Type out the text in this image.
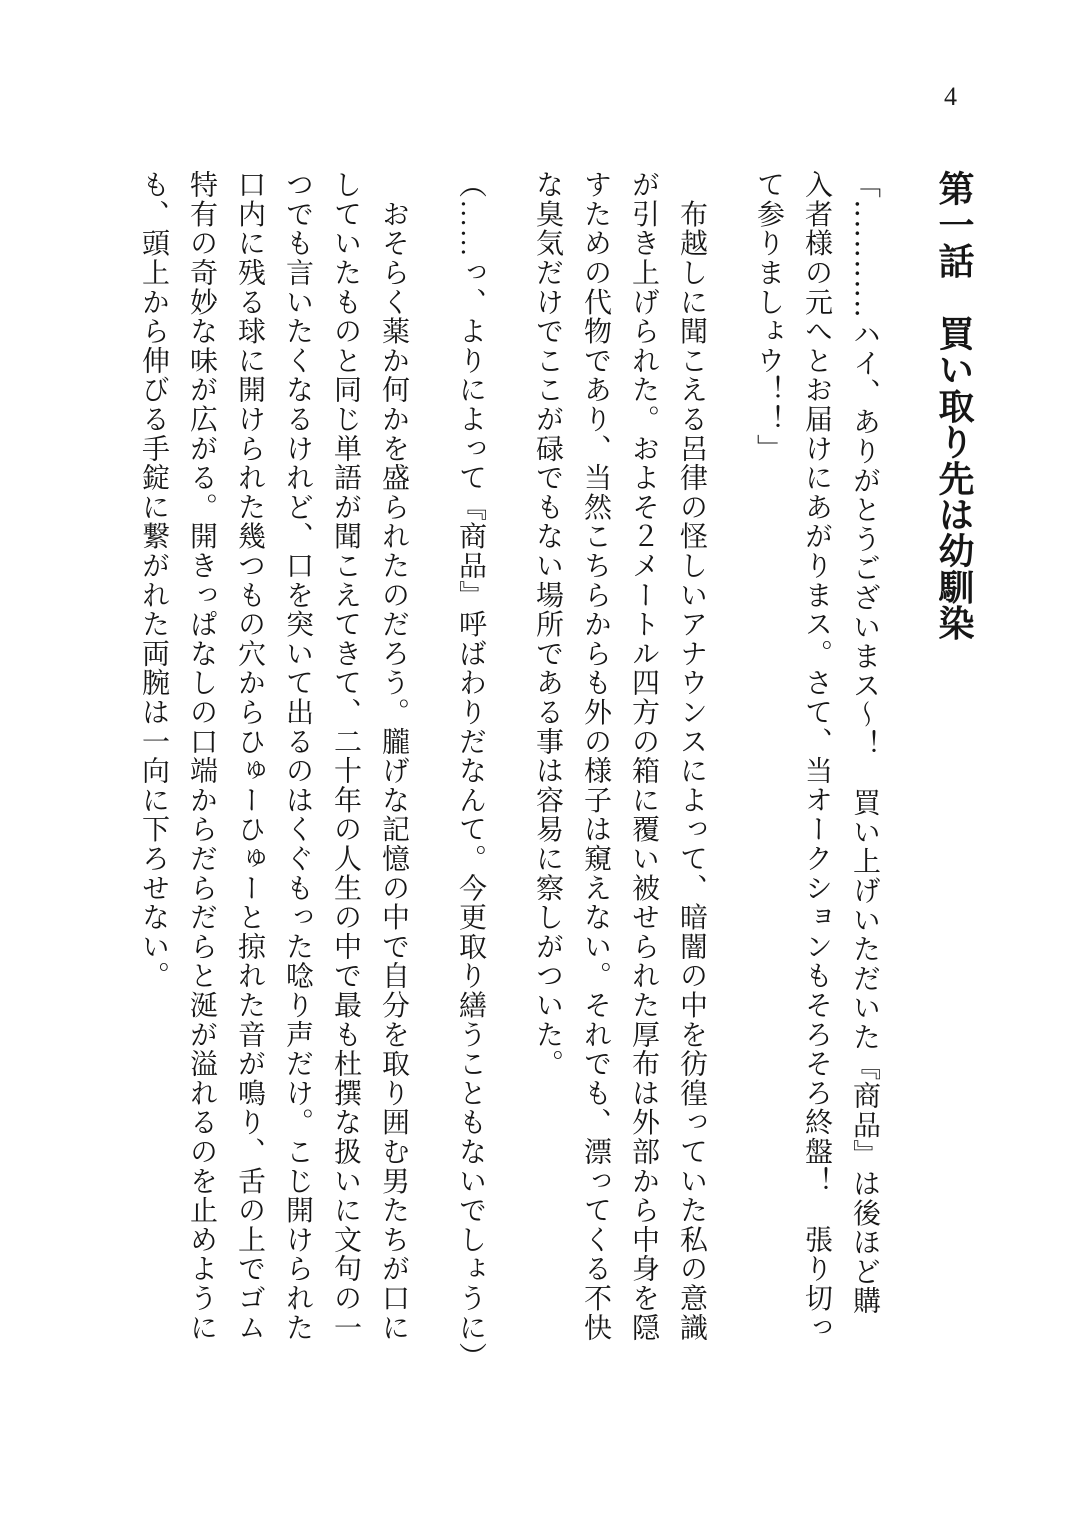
4
第一話　買い取り先は幼馴染
「‥‥‥‥‥‥ハイ、ありがとうございまス～！　買い上げいただいた『商品』は後ほど購
入者様の元へとお届けにあがりまス。さて、当オークションもそろそろ終盤！　張り切っ
て参りましょウ！！」
　布越しに聞こえる呂律の怪しいアナウンスによって、暗闇の中を彷徨っていた私の意識
が引き上げられた。およそ２メートル四方の箱に覆い被せられた厚布は外部から中身を隠
すための代物であり、当然こちらからも外の様子は窺えない。それでも、漂ってくる不快
な臭気だけでここが碌でもない場所である事は容易に察しがついた。
（……っ、よりによって『商品』呼ばわりだなんて。今更取り繕うこともないでしょうに）
　おそらく薬か何かを盛られたのだろう。朧げな記憶の中で自分を取り囲む男たちが口に
していたものと同じ単語が聞こえてきて、二十年の人生の中で最も杜撰な扱いに文句の一
つでも言いたくなるけれど、口を突いて出るのはくぐもった唸り声だけ。こじ開けられた
口内に残る球に開けられた幾つもの穴からひゅーひゅーと掠れた音が鳴り、舌の上でゴム
特有の奇妙な味が広がる。開きっぱなしの口端からだらだらと涎が溢れるのを止めように
も、頭上から伸びる手錠に繋がれた両腕は一向に下ろせない。
